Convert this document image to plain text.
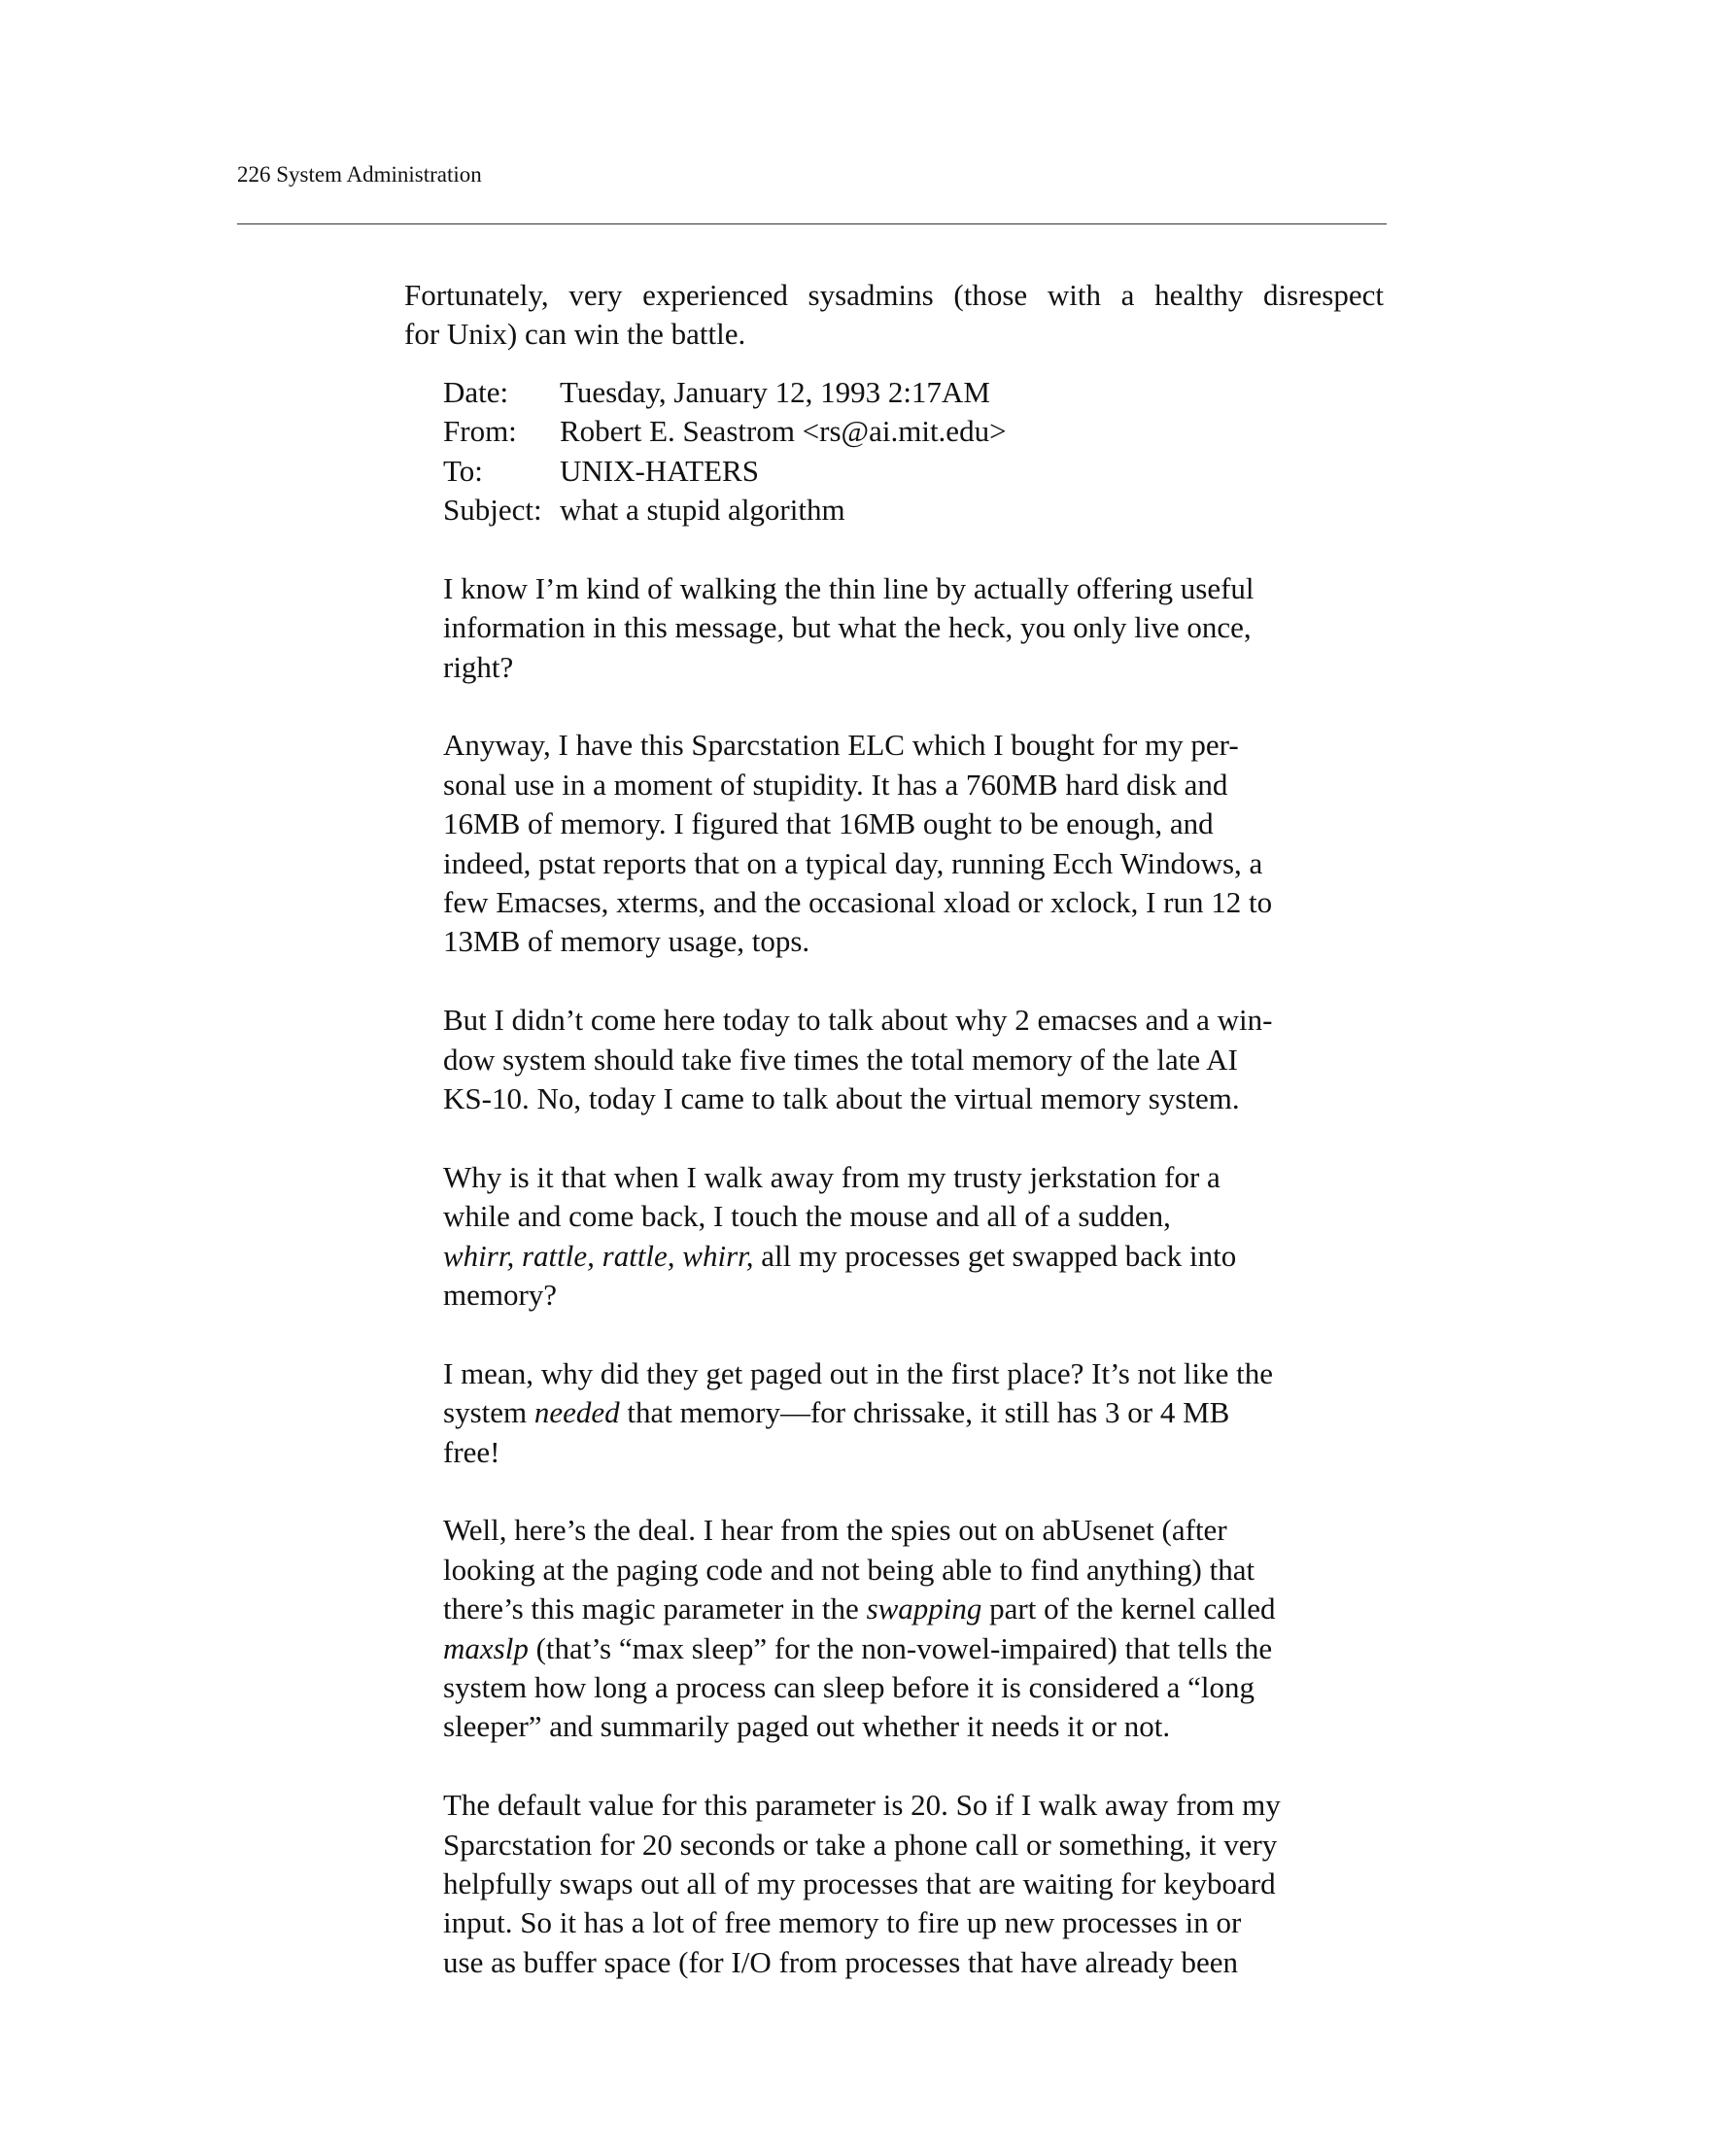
226 System Administration
Fortunately, very experienced sysadmins (those with a healthy disrespect
for Unix) can win the battle.
Date:	Tuesday, January 12, 1993 2:17AM
From:	Robert E. Seastrom <rs@ai.mit.edu>
To:	UNIX-HATERS
Subject: what a stupid algorithm
I know I’m kind of walking the thin line by actually offering useful
information in this message, but what the heck, you only live once,
right?
Anyway, I have this Sparcstation ELC which I bought for my per-
sonal use in a moment of stupidity. It has a 760MB hard disk and
16MB of memory. I figured that 16MB ought to be enough, and
indeed, pstat reports that on a typical day, running Ecch Windows, a
few Emacses, xterms, and the occasional xload or xclock, I run 12 to
13MB of memory usage, tops.
But I didn’t come here today to talk about why 2 emacses and a win-
dow system should take five times the total memory of the late AI
KS-10. No, today I came to talk about the virtual memory system.
Why is it that when I walk away from my trusty jerkstation for a
while and come back, I touch the mouse and all of a sudden,
whirr, rattle, rattle, whirr, all my processes get swapped back into
memory?
I mean, why did they get paged out in the first place? It’s not like the
system needed that memory—for chrissake, it still has 3 or 4 MB
free!
Well, here’s the deal. I hear from the spies out on abUsenet (after
looking at the paging code and not being able to find anything) that
there’s this magic parameter in the swapping part of the kernel called
maxslp (that’s “max sleep” for the non-vowel-impaired) that tells the
system how long a process can sleep before it is considered a “long
sleeper” and summarily paged out whether it needs it or not.
The default value for this parameter is 20. So if I walk away from my
Sparcstation for 20 seconds or take a phone call or something, it very
helpfully swaps out all of my processes that are waiting for keyboard
input. So it has a lot of free memory to fire up new processes in or
use as buffer space (for I/O from processes that have already been
